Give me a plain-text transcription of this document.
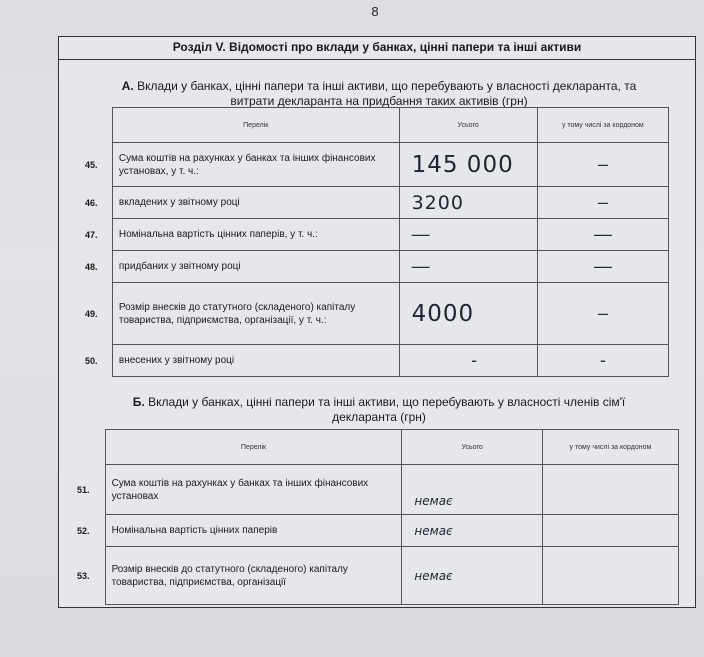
8
Розділ V. Відомості про вклади у банках, цінні папери та інші активи
А. Вклади у банках, цінні папери та інші активи, що перебувають у власності декларанта, та витрати декларанта на придбання таких активів (грн)
	Перелік	Усього	у тому числі за кордоном
45.	Сума коштів на рахунках у банках та інших фінансових установах, у т. ч.:	145 000	–
46.	вкладених у звітному році	3200	–
47.	Номінальна вартість цінних паперів, у т. ч.:	—	—
48.	придбаних у звітному році	—	—
49.	Розмір внесків до статутного (складеного) капіталу товариства, підприємства, організації, у т. ч.:	4000	–
50.	внесених у звітному році	-	-
Б. Вклади у банках, цінні папери та інші активи, що перебувають у власності членів сім'ї декларанта (грн)
	Перелік	Усього	у тому числі за кордоном
51.	Сума коштів на рахунках у банках та інших фінансових установах	немає	
52.	Номінальна вартість цінних паперів	немає	
53.	Розмір внесків до статутного (складеного) капіталу товариства, підприємства, організації	немає	
